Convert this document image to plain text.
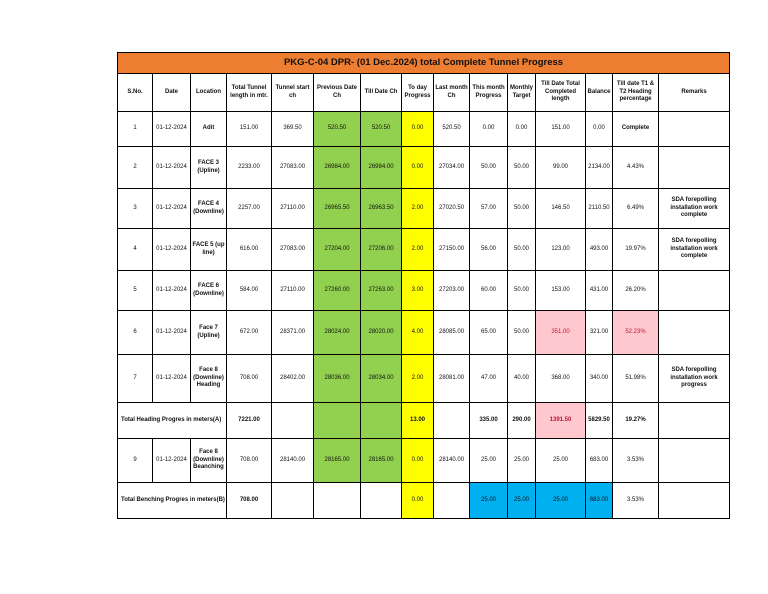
PKG-C-04 DPR- (01 Dec.2024) total Complete Tunnel Progress														
S.No.	Date	Location	Total Tunnel length in mtr.	Tunnel start ch	Previous Date Ch	Till Date Ch	To day Progress	Last month Ch	This month Progress	Monthly Target	Till Date Total Completed length	Balance	Till date T1 & T2 Heading percentage	Remarks
1	01-12-2024	Adit	151.00	369.50	520.50	520.50	0.00	520.50	0.00	0.00	151.00	0.00	Complete	
2	01-12-2024	FACE 3 (Upline)	2233.00	27083.00	26984.00	26984.00	0.00	27034.00	50.00	50.00	99.00	2134.00	4.43%	
3	01-12-2024	FACE 4 (Downline)	2257.00	27110.00	26965.50	26963.50	2.00	27020.50	57.00	50.00	146.50	2110.50	6.49%	SDA forepolling installation work complete
4	01-12-2024	FACE 5 (up line)	616.00	27083.00	27204.00	27206.00	2.00	27150.00	56.00	50.00	123.00	493.00	19.97%	SDA forepolling installation work complete
5	01-12-2024	FACE 6 (Downline)	584.00	27110.00	27260.00	27263.00	3.00	27203.00	60.00	50.00	153.00	431.00	26.20%	
6	01-12-2024	Face 7 (Upline)	672.00	28371.00	28024.00	28020.00	4.00	28085.00	65.00	50.00	351.00	321.00	52.23%	
7	01-12-2024	Face 8 (Downline) Heading	708.00	28402.00	28036.00	28034.00	2.00	28081.00	47.00	40.00	368.00	340.00	51.98%	SDA forepolling installation work progress
Total Heading Progres in meters(A)			7221.00				13.00		335.00	290.00	1391.50	5829.50	19.27%	
9	01-12-2024	Face 8 (Downline) Beanching	708.00	28140.00	28165.00	28165.00	0.00	28140.00	25.00	25.00	25.00	683.00	3.53%	
Total Benching Progres in meters(B)			708.00				0.00		25.00	25.00	25.00	683.00	3.53%	
